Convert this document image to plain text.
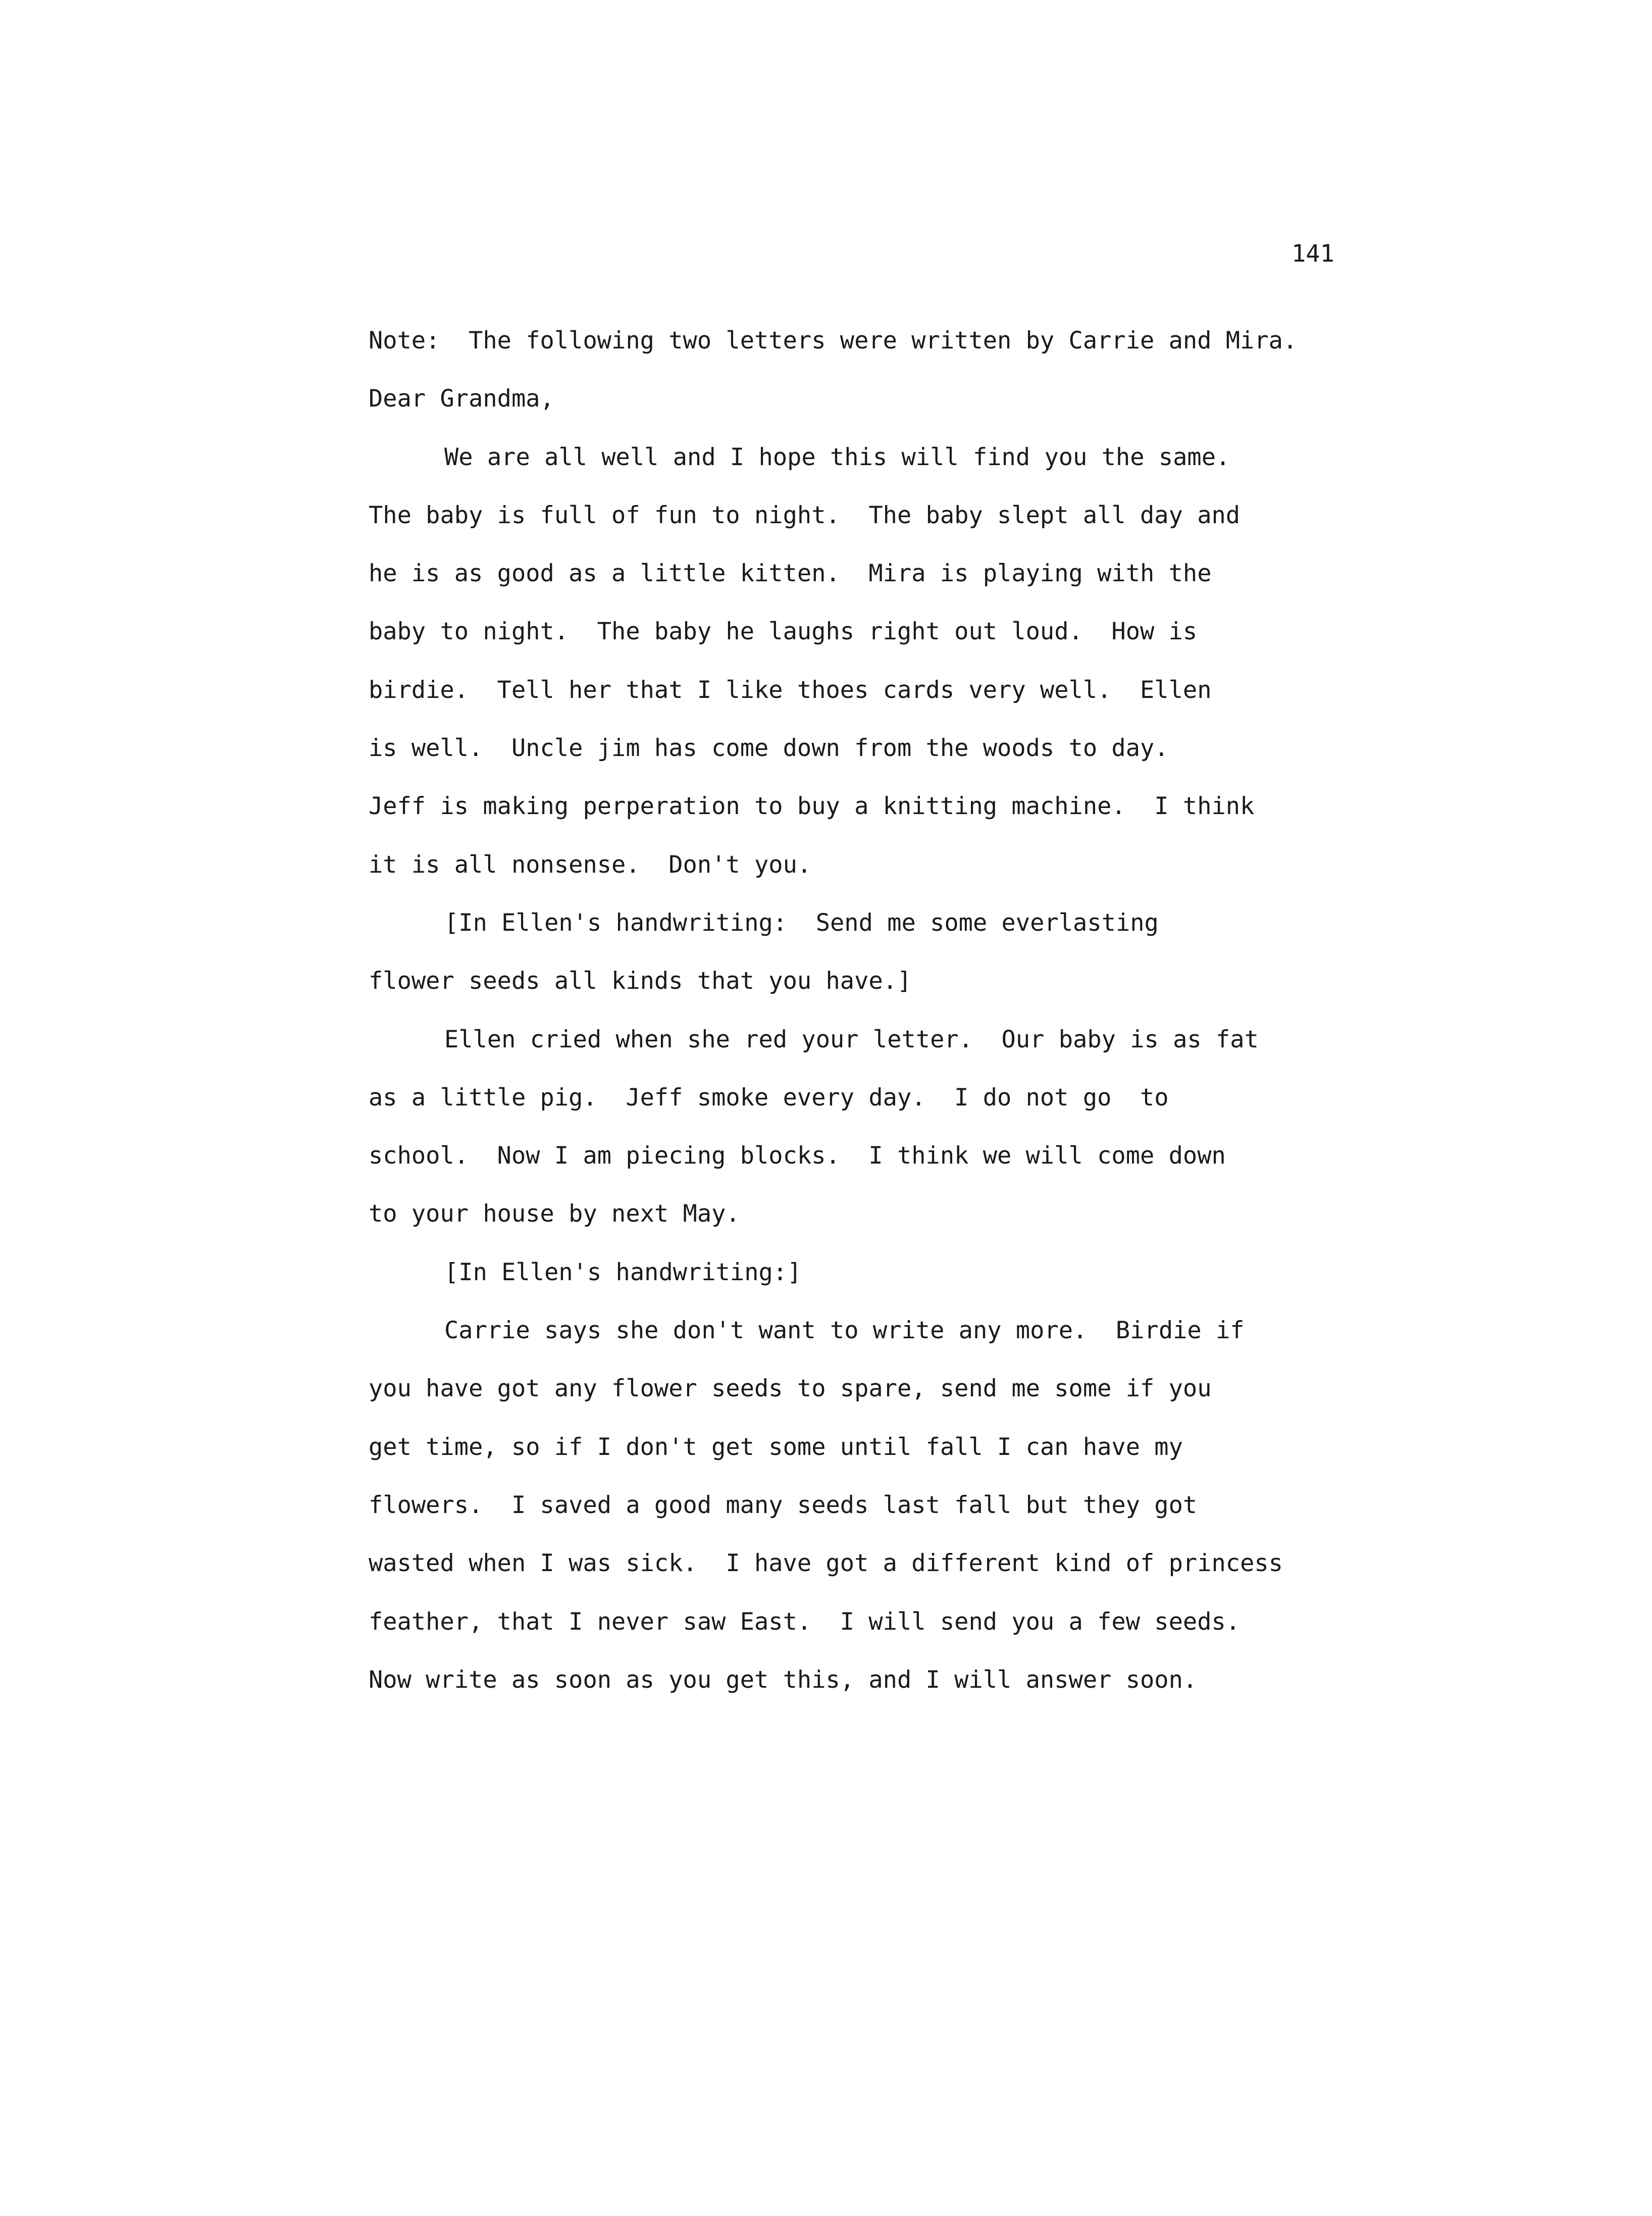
141
Note:  The following two letters were written by Carrie and Mira.
Dear Grandma,
We are all well and I hope this will find you the same.
The baby is full of fun to night.  The baby slept all day and
he is as good as a little kitten.  Mira is playing with the
baby to night.  The baby he laughs right out loud.  How is
birdie.  Tell her that I like thoes cards very well.  Ellen
is well.  Uncle jim has come down from the woods to day.
Jeff is making perperation to buy a knitting machine.  I think
it is all nonsense.  Don't you.
[In Ellen's handwriting:  Send me some everlasting
flower seeds all kinds that you have.]
Ellen cried when she red your letter.  Our baby is as fat
as a little pig.  Jeff smoke every day.  I do not go  to
school.  Now I am piecing blocks.  I think we will come down
to your house by next May.
[In Ellen's handwriting:]
Carrie says she don't want to write any more.  Birdie if
you have got any flower seeds to spare, send me some if you
get time, so if I don't get some until fall I can have my
flowers.  I saved a good many seeds last fall but they got
wasted when I was sick.  I have got a different kind of princess
feather, that I never saw East.  I will send you a few seeds.
Now write as soon as you get this, and I will answer soon.
